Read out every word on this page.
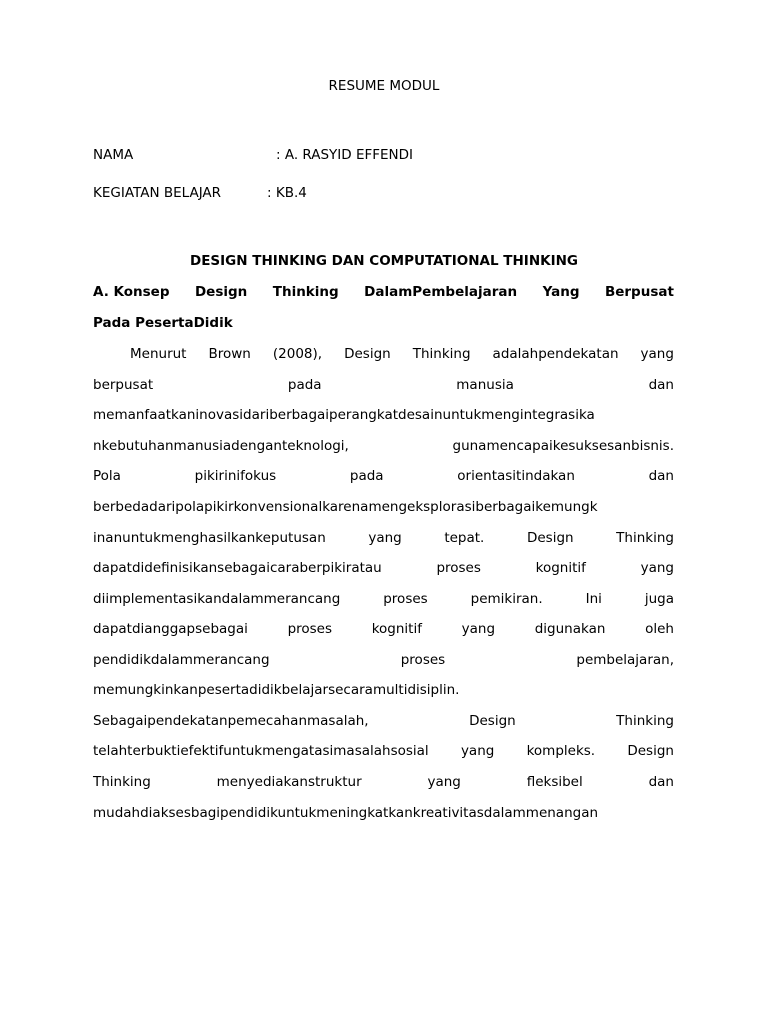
RESUME MODUL
NAMA	: A. RASYID EFFENDI
KEGIATAN BELAJAR	: KB.4
DESIGN THINKING DAN COMPUTATIONAL THINKING
A. Konsep Design Thinking DalamPembelajaran Yang Berpusat
Pada PesertaDidik
Menurut Brown (2008), Design Thinking adalahpendekatan yang
berpusat	pada	manusia	dan
memanfaatkaninovasidariberbagaiperangkatdesainuntukmengintegrasika
nkebutuhanmanusiadenganteknologi,	gunamencapaikesuksesanbisnis.
Pola	pikirinifokus	pada	orientasitindakan	dan
berbedadaripolapikirkonvensionalkarenamengeksplorasiberbagaikemungk
inanuntukmenghasilkankeputusan	yang	tepat.	Design	Thinking
dapatdidefinisikansebagaicaraberpikiratau	proses	kognitif	yang
diimplementasikandalammerancang	proses	pemikiran.	Ini	juga
dapatdianggapsebagai	proses	kognitif	yang	digunakan	oleh
pendidikdalammerancang	proses	pembelajaran,
memungkinkanpesertadidikbelajarsecaramultidisiplin.
Sebagaipendekatanpemecahanmasalah,	Design	Thinking
telahterbuktiefektifuntukmengatasimasalahsosial yang kompleks. Design
Thinking	menyediakanstruktur	yang	fleksibel	dan
mudahdiaksesbagipendidikuntukmeningkatkankreativitasdalammenangan
